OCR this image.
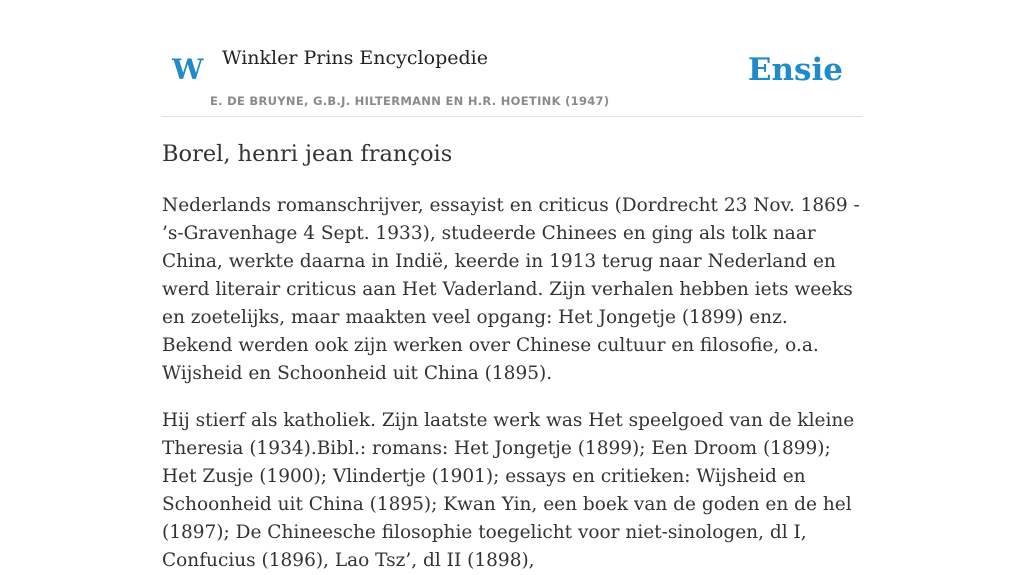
W Winkler Prins Encyclopedie
E. DE BRUYNE, G.B.J. HILTERMANN EN H.R. HOETINK (1947)
Ensie
Borel, henri jean françois

Nederlands romanschrijver, essayist en criticus (Dordrecht 23 Nov. 1869 - ’s-Gravenhage 4 Sept. 1933), studeerde Chinees en ging als tolk naar China, werkte daarna in Indië, keerde in 1913 terug naar Nederland en werd literair criticus aan Het Vaderland. Zijn verhalen hebben iets weeks en zoetelijks, maar maakten veel opgang: Het Jongetje (1899) enz. Bekend werden ook zijn werken over Chinese cultuur en filosofie, o.a. Wijsheid en Schoonheid uit China (1895).

Hij stierf als katholiek. Zijn laatste werk was Het speelgoed van de kleine Theresia (1934).Bibl.: romans: Het Jongetje (1899); Een Droom (1899); Het Zusje (1900); Vlindertje (1901); essays en critieken: Wijsheid en Schoonheid uit China (1895); Kwan Yin, een boek van de goden en de hel (1897); De Chineesche filosophie toegelicht voor niet-sinologen, dl I, Confucius (1896), Lao Tsz’, dl II (1898),
